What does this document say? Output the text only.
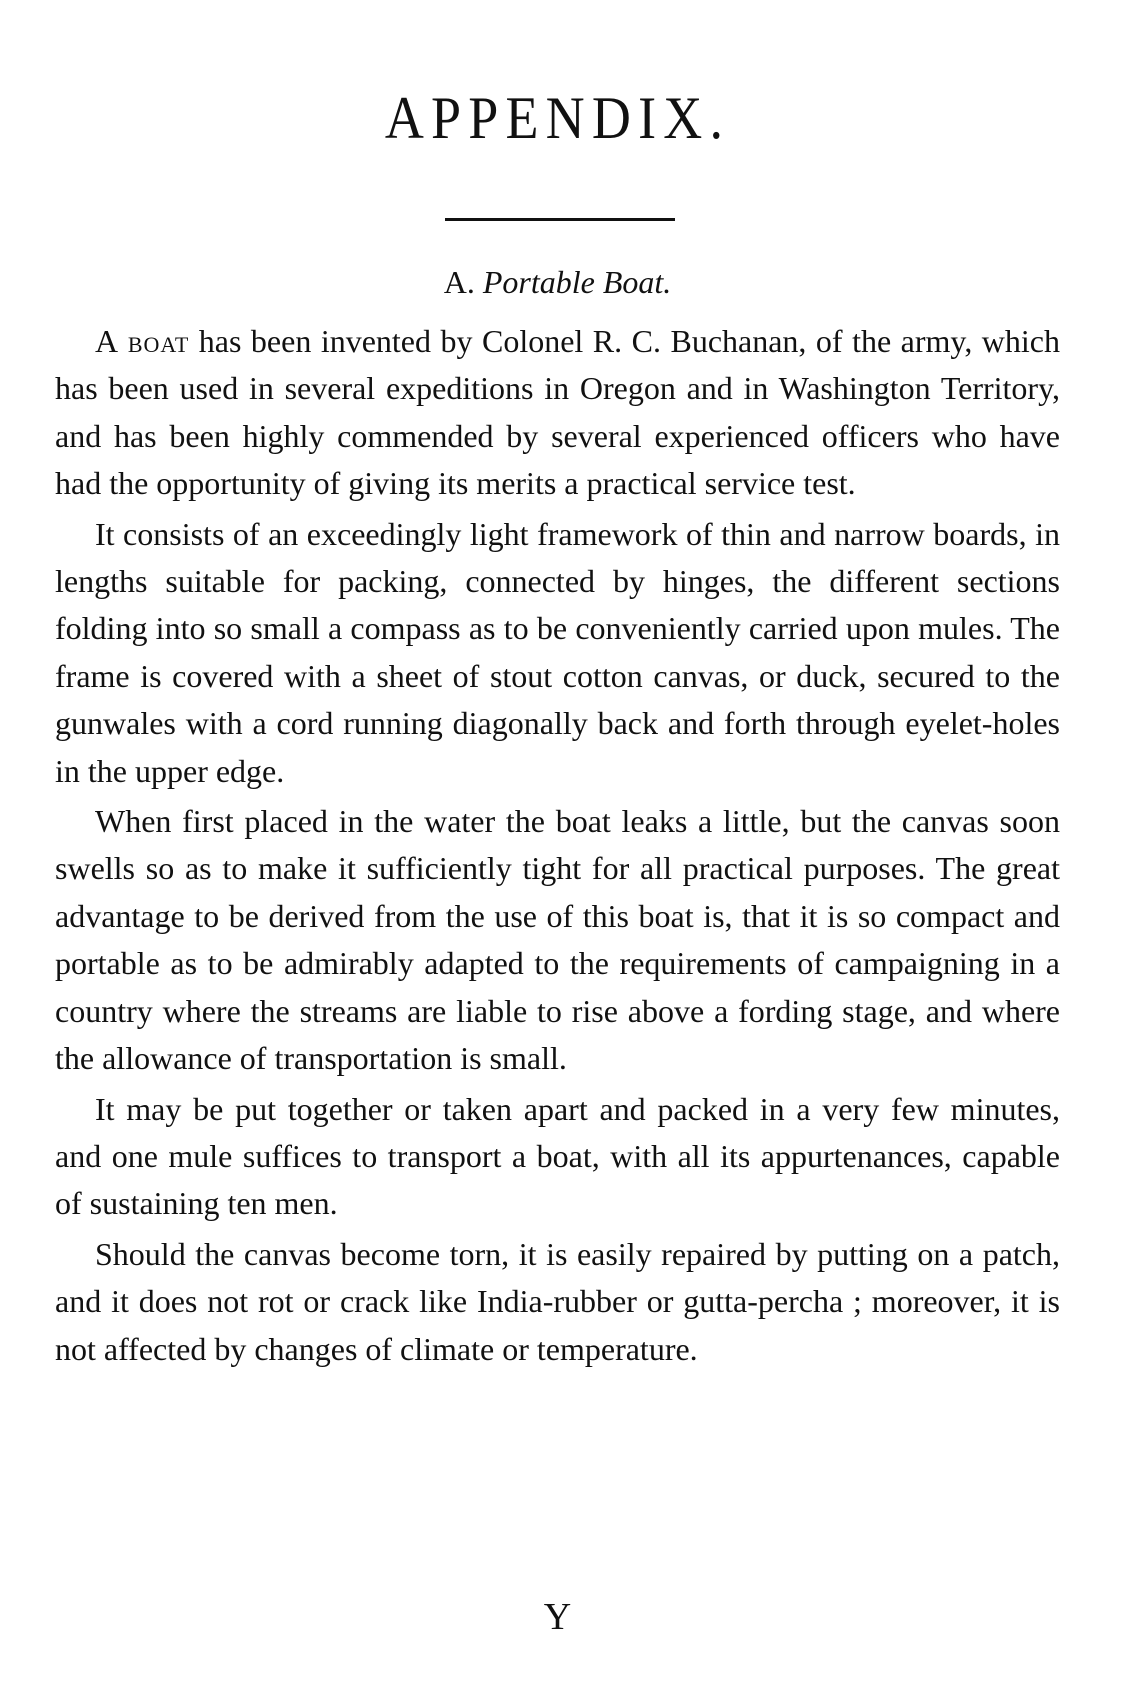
APPENDIX.
A. Portable Boat.

A boat has been invented by Colonel R. C. Buchanan, of the army, which has been used in several expeditions in Oregon and in Washington Territory, and has been highly commended by several experienced officers who have had the opportunity of giving its merits a practical service test.

It consists of an exceedingly light framework of thin and narrow boards, in lengths suitable for packing, connected by hinges, the different sections folding into so small a compass as to be conveniently carried upon mules. The frame is covered with a sheet of stout cotton canvas, or duck, secured to the gunwales with a cord running diagonally back and forth through eyelet-holes in the upper edge.

When first placed in the water the boat leaks a little, but the canvas soon swells so as to make it sufficiently tight for all practical purposes. The great advantage to be derived from the use of this boat is, that it is so compact and portable as to be admirably adapted to the requirements of campaigning in a country where the streams are liable to rise above a fording stage, and where the allowance of transportation is small.

It may be put together or taken apart and packed in a very few minutes, and one mule suffices to transport a boat, with all its appurtenances, capable of sustaining ten men.

Should the canvas become torn, it is easily repaired by putting on a patch, and it does not rot or crack like India-rubber or gutta-percha ; moreover, it is not affected by changes of climate or temperature.

Y
